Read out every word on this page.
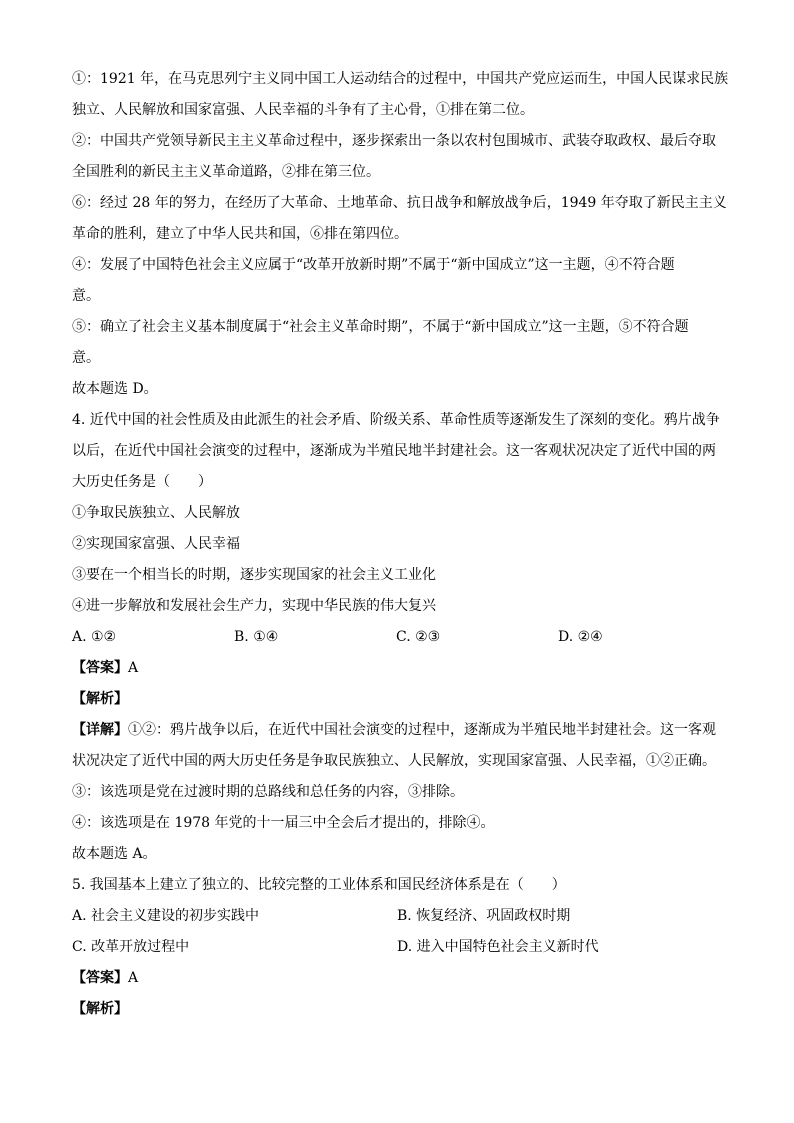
①：1921 年，在马克思列宁主义同中国工人运动结合的过程中，中国共产党应运而生，中国人民谋求民族
独立、人民解放和国家富强、人民幸福的斗争有了主心骨，①排在第二位。
②：中国共产党领导新民主主义革命过程中，逐步探索出一条以农村包围城市、武装夺取政权、最后夺取
全国胜利的新民主主义革命道路，②排在第三位。
⑥：经过 28 年的努力，在经历了大革命、土地革命、抗日战争和解放战争后，1949 年夺取了新民主主义
革命的胜利，建立了中华人民共和国，⑥排在第四位。
④：发展了中国特色社会主义应属于“改革开放新时期”不属于“新中国成立”这一主题，④不符合题
意。
⑤：确立了社会主义基本制度属于“社会主义革命时期”，不属于“新中国成立”这一主题，⑤不符合题
意。
故本题选 D。
4. 近代中国的社会性质及由此派生的社会矛盾、阶级关系、革命性质等逐渐发生了深刻的变化。鸦片战争
以后，在近代中国社会演变的过程中，逐渐成为半殖民地半封建社会。这一客观状况决定了近代中国的两
大历史任务是（　　）
①争取民族独立、人民解放
②实现国家富强、人民幸福
③要在一个相当长的时期，逐步实现国家的社会主义工业化
④进一步解放和发展社会生产力，实现中华民族的伟大复兴
A. ①②	B. ①④	C. ②③	D. ②④
【答案】A
【解析】
【详解】①②：鸦片战争以后，在近代中国社会演变的过程中，逐渐成为半殖民地半封建社会。这一客观
状况决定了近代中国的两大历史任务是争取民族独立、人民解放，实现国家富强、人民幸福，①②正确。
③：该选项是党在过渡时期的总路线和总任务的内容，③排除。
④：该选项是在 1978 年党的十一届三中全会后才提出的，排除④。
故本题选 A。
5. 我国基本上建立了独立的、比较完整的工业体系和国民经济体系是在（　　）
A. 社会主义建设的初步实践中	B. 恢复经济、巩固政权时期
C. 改革开放过程中	D. 进入中国特色社会主义新时代
【答案】A
【解析】
